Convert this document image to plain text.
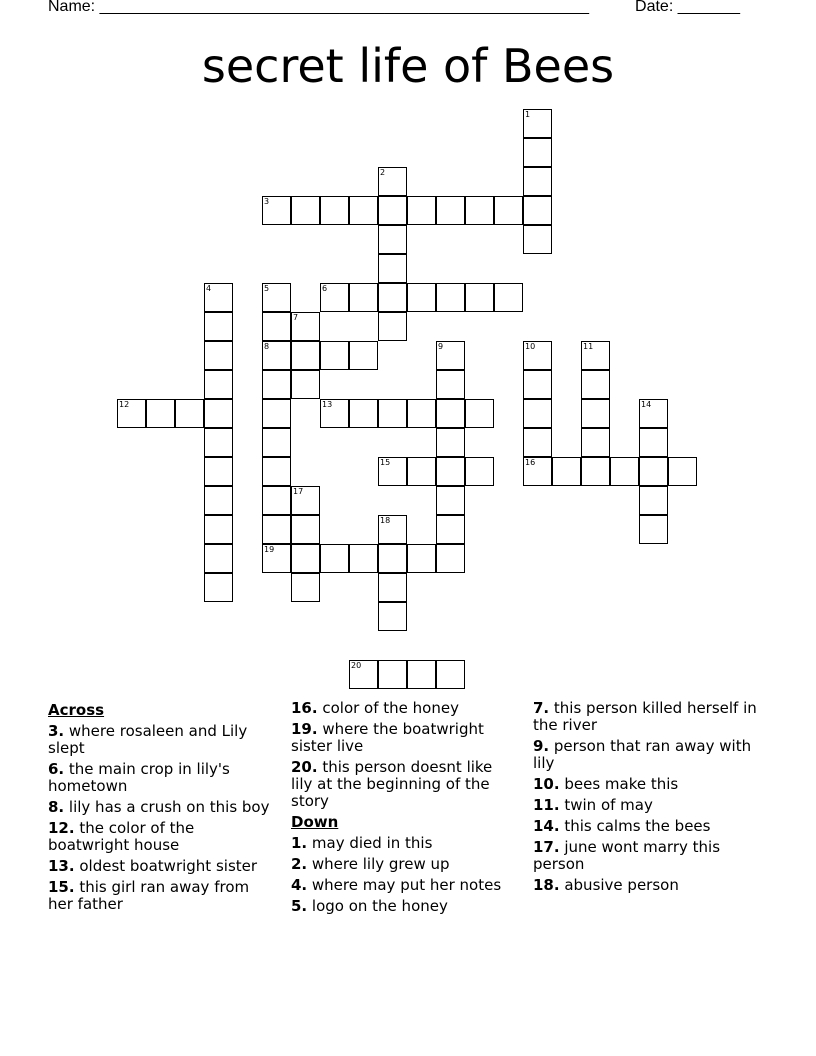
Name: _______________________________________________________	Date: _______
secret life of Bees
1
2
3
4	5
8
6
7
9	10
16
11
12	13	14
15
17
18
19
20
Across
3. where rosaleen and Lily slept
6. the main crop in lily's hometown
8. lily has a crush on this boy
12. the color of the boatwright house
13. oldest boatwright sister
15. this girl ran away from her father
16. color of the honey
19. where the boatwright sister live
20. this person doesnt like lily at the beginning of the story
Down
1. may died in this
2. where lily grew up
4. where may put her notes
5. logo on the honey
7. this person killed herself in the river
9. person that ran away with lily
10. bees make this
11. twin of may
14. this calms the bees
17. june wont marry this person
18. abusive person
